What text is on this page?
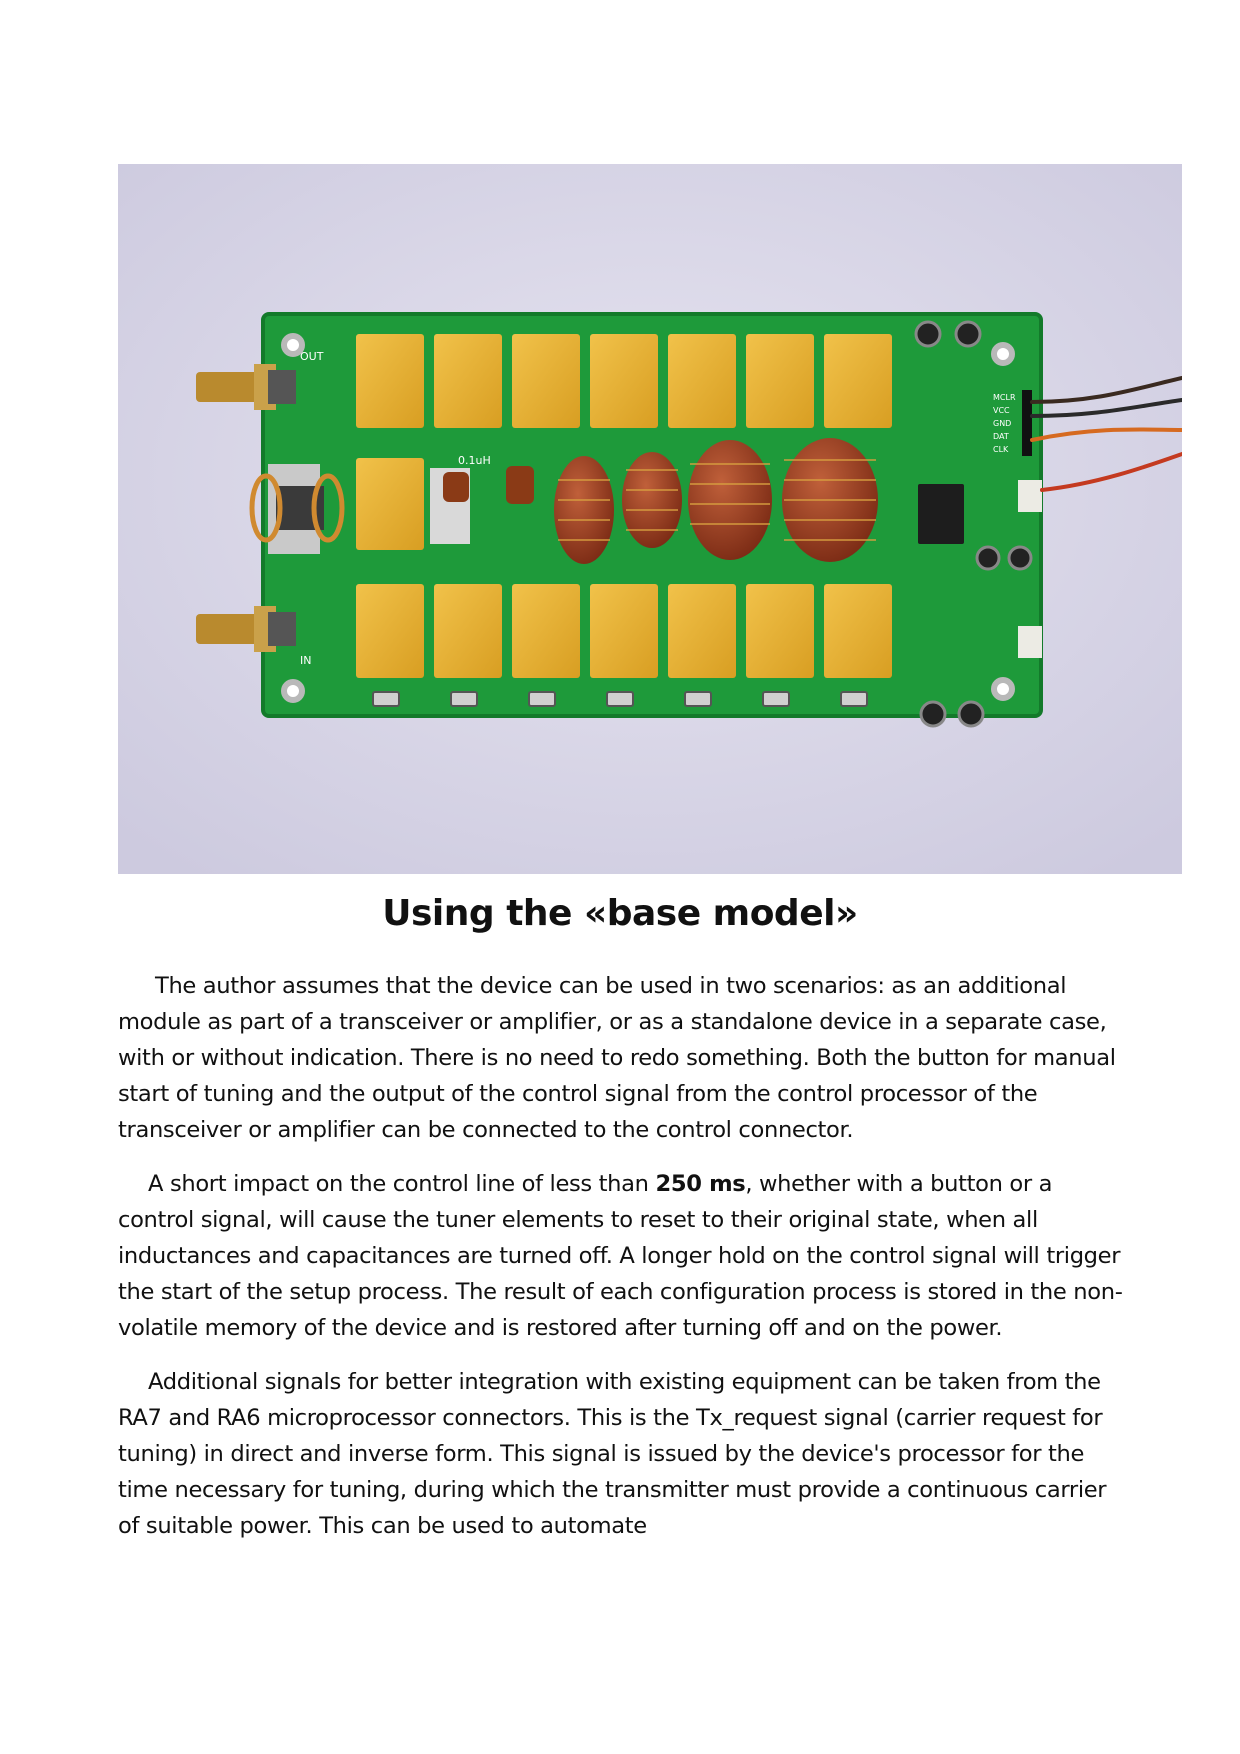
OUT
IN
0.1uH
MCLR
VCC
GND
DAT
CLK
Using the «base model»

The author assumes that the device can be used in two scenarios: as an additional module as part of a transceiver or amplifier, or as a standalone device in a separate case, with or without indication. There is no need to redo something. Both the button for manual start of tuning and the output of the control signal from the control processor of the transceiver or amplifier can be connected to the control connector.

A short impact on the control line of less than 250 ms, whether with a button or a control signal, will cause the tuner elements to reset to their original state, when all inductances and capacitances are turned off. A longer hold on the control signal will trigger the start of the setup process. The result of each configuration process is stored in the non-volatile memory of the device and is restored after turning off and on the power.

Additional signals for better integration with existing equipment can be taken from the RA7 and RA6 microprocessor connectors. This is the Tx_request signal (carrier request for tuning) in direct and inverse form. This signal is issued by the device's processor for the time necessary for tuning, during which the transmitter must provide a continuous carrier of suitable power. This can be used to automate
